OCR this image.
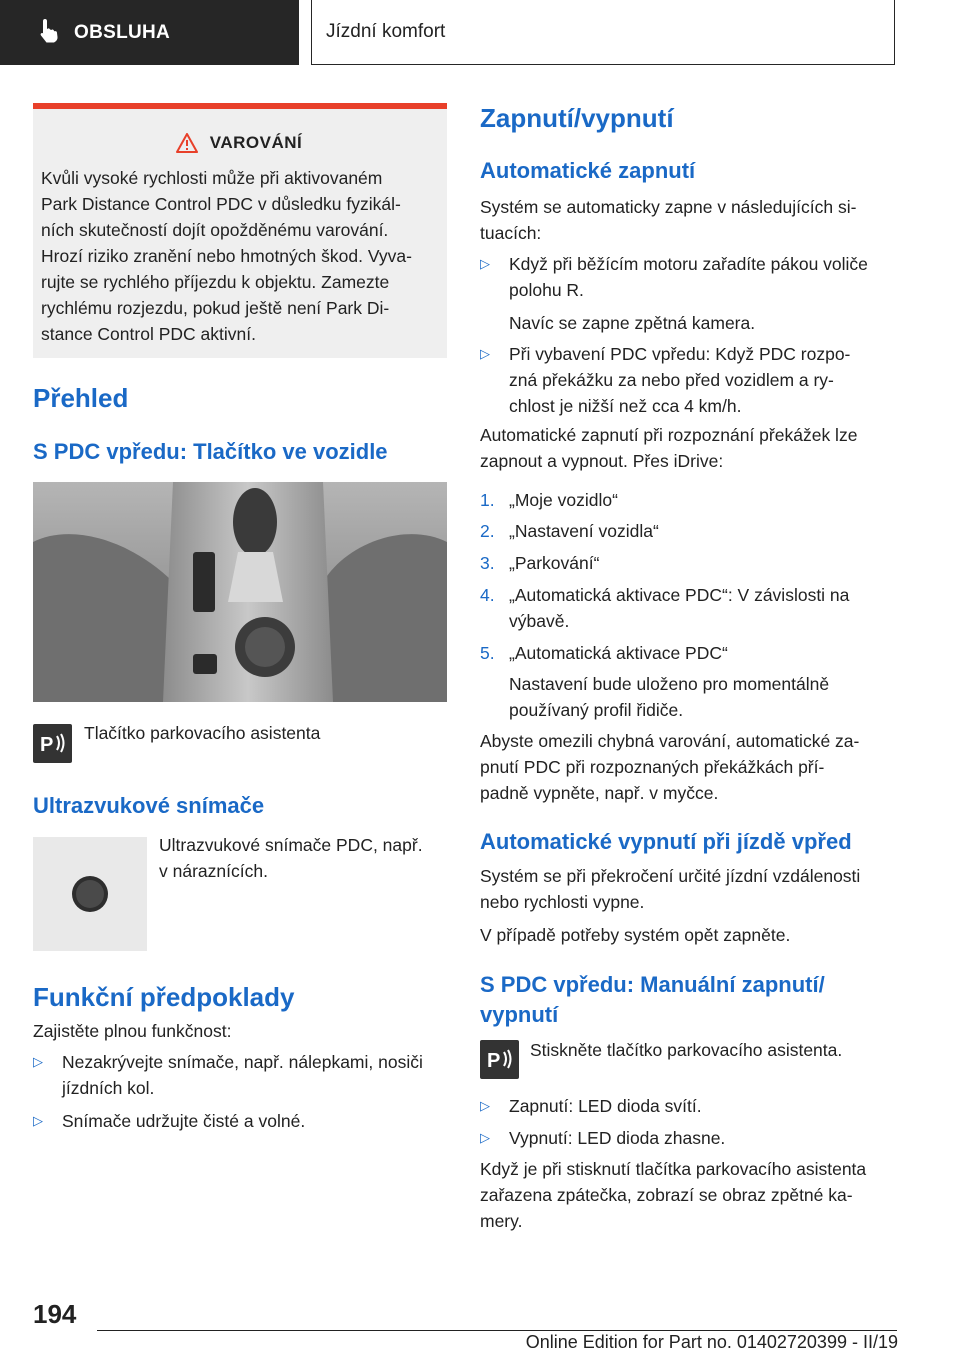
OBSLUHA	Jízdní komfort
VAROVÁNÍ
Kvůli vysoké rychlosti může při aktivovaném
Park Distance Control PDC v důsledku fyzikál‐
ních skutečností dojít opožděnému varování.
Hrozí riziko zranění nebo hmotných škod. Vyva‐
rujte se rychlého příjezdu k objektu. Zamezte
rychlému rozjezdu, pokud ještě není Park Di‐
stance Control PDC aktivní.
Přehled
S PDC vpředu: Tlačítko ve vozidle
P
Tlačítko parkovacího asistenta
Ultrazvukové snímače
Ultrazvukové snímače PDC, např.
v náraznících.
Funkční předpoklady
Zajistěte plnou funkčnost:
▷ Nezakrývejte snímače, např. nálepkami, nosiči
jízdních kol.
▷ Snímače udržujte čisté a volné.
Zapnutí/vypnutí
Automatické zapnutí
Systém se automaticky zapne v následujících si‐
tuacích:
▷ Když při běžícím motoru zařadíte pákou voliče
polohu R.
Navíc se zapne zpětná kamera.
▷ Při vybavení PDC vpředu: Když PDC rozpo‐
zná překážku za nebo před vozidlem a ry‐
chlost je nižší než cca 4 km/h.
Automatické zapnutí při rozpoznání překážek lze
zapnout a vypnout. Přes iDrive:
1. „Moje vozidlo“
2. „Nastavení vozidla“
3. „Parkování“
4. „Automatická aktivace PDC“: V závislosti na
výbavě.
5. „Automatická aktivace PDC“
Nastavení bude uloženo pro momentálně
používaný profil řidiče.
Abyste omezili chybná varování, automatické za‐
pnutí PDC při rozpoznaných překážkách pří‐
padně vypněte, např. v myčce.
Automatické vypnutí při jízdě vpřed
Systém se při překročení určité jízdní vzdálenosti
nebo rychlosti vypne.
V případě potřeby systém opět zapněte.
S PDC vpředu: Manuální zapnutí/
vypnutí
P Stiskněte tlačítko parkovacího asistenta.
▷ Zapnutí: LED dioda svítí.
▷ Vypnutí: LED dioda zhasne.
Když je při stisknutí tlačítka parkovacího asistenta
zařazena zpátečka, zobrazí se obraz zpětné ka‐
mery.
194
Online Edition for Part no. 01402720399 - II/19
